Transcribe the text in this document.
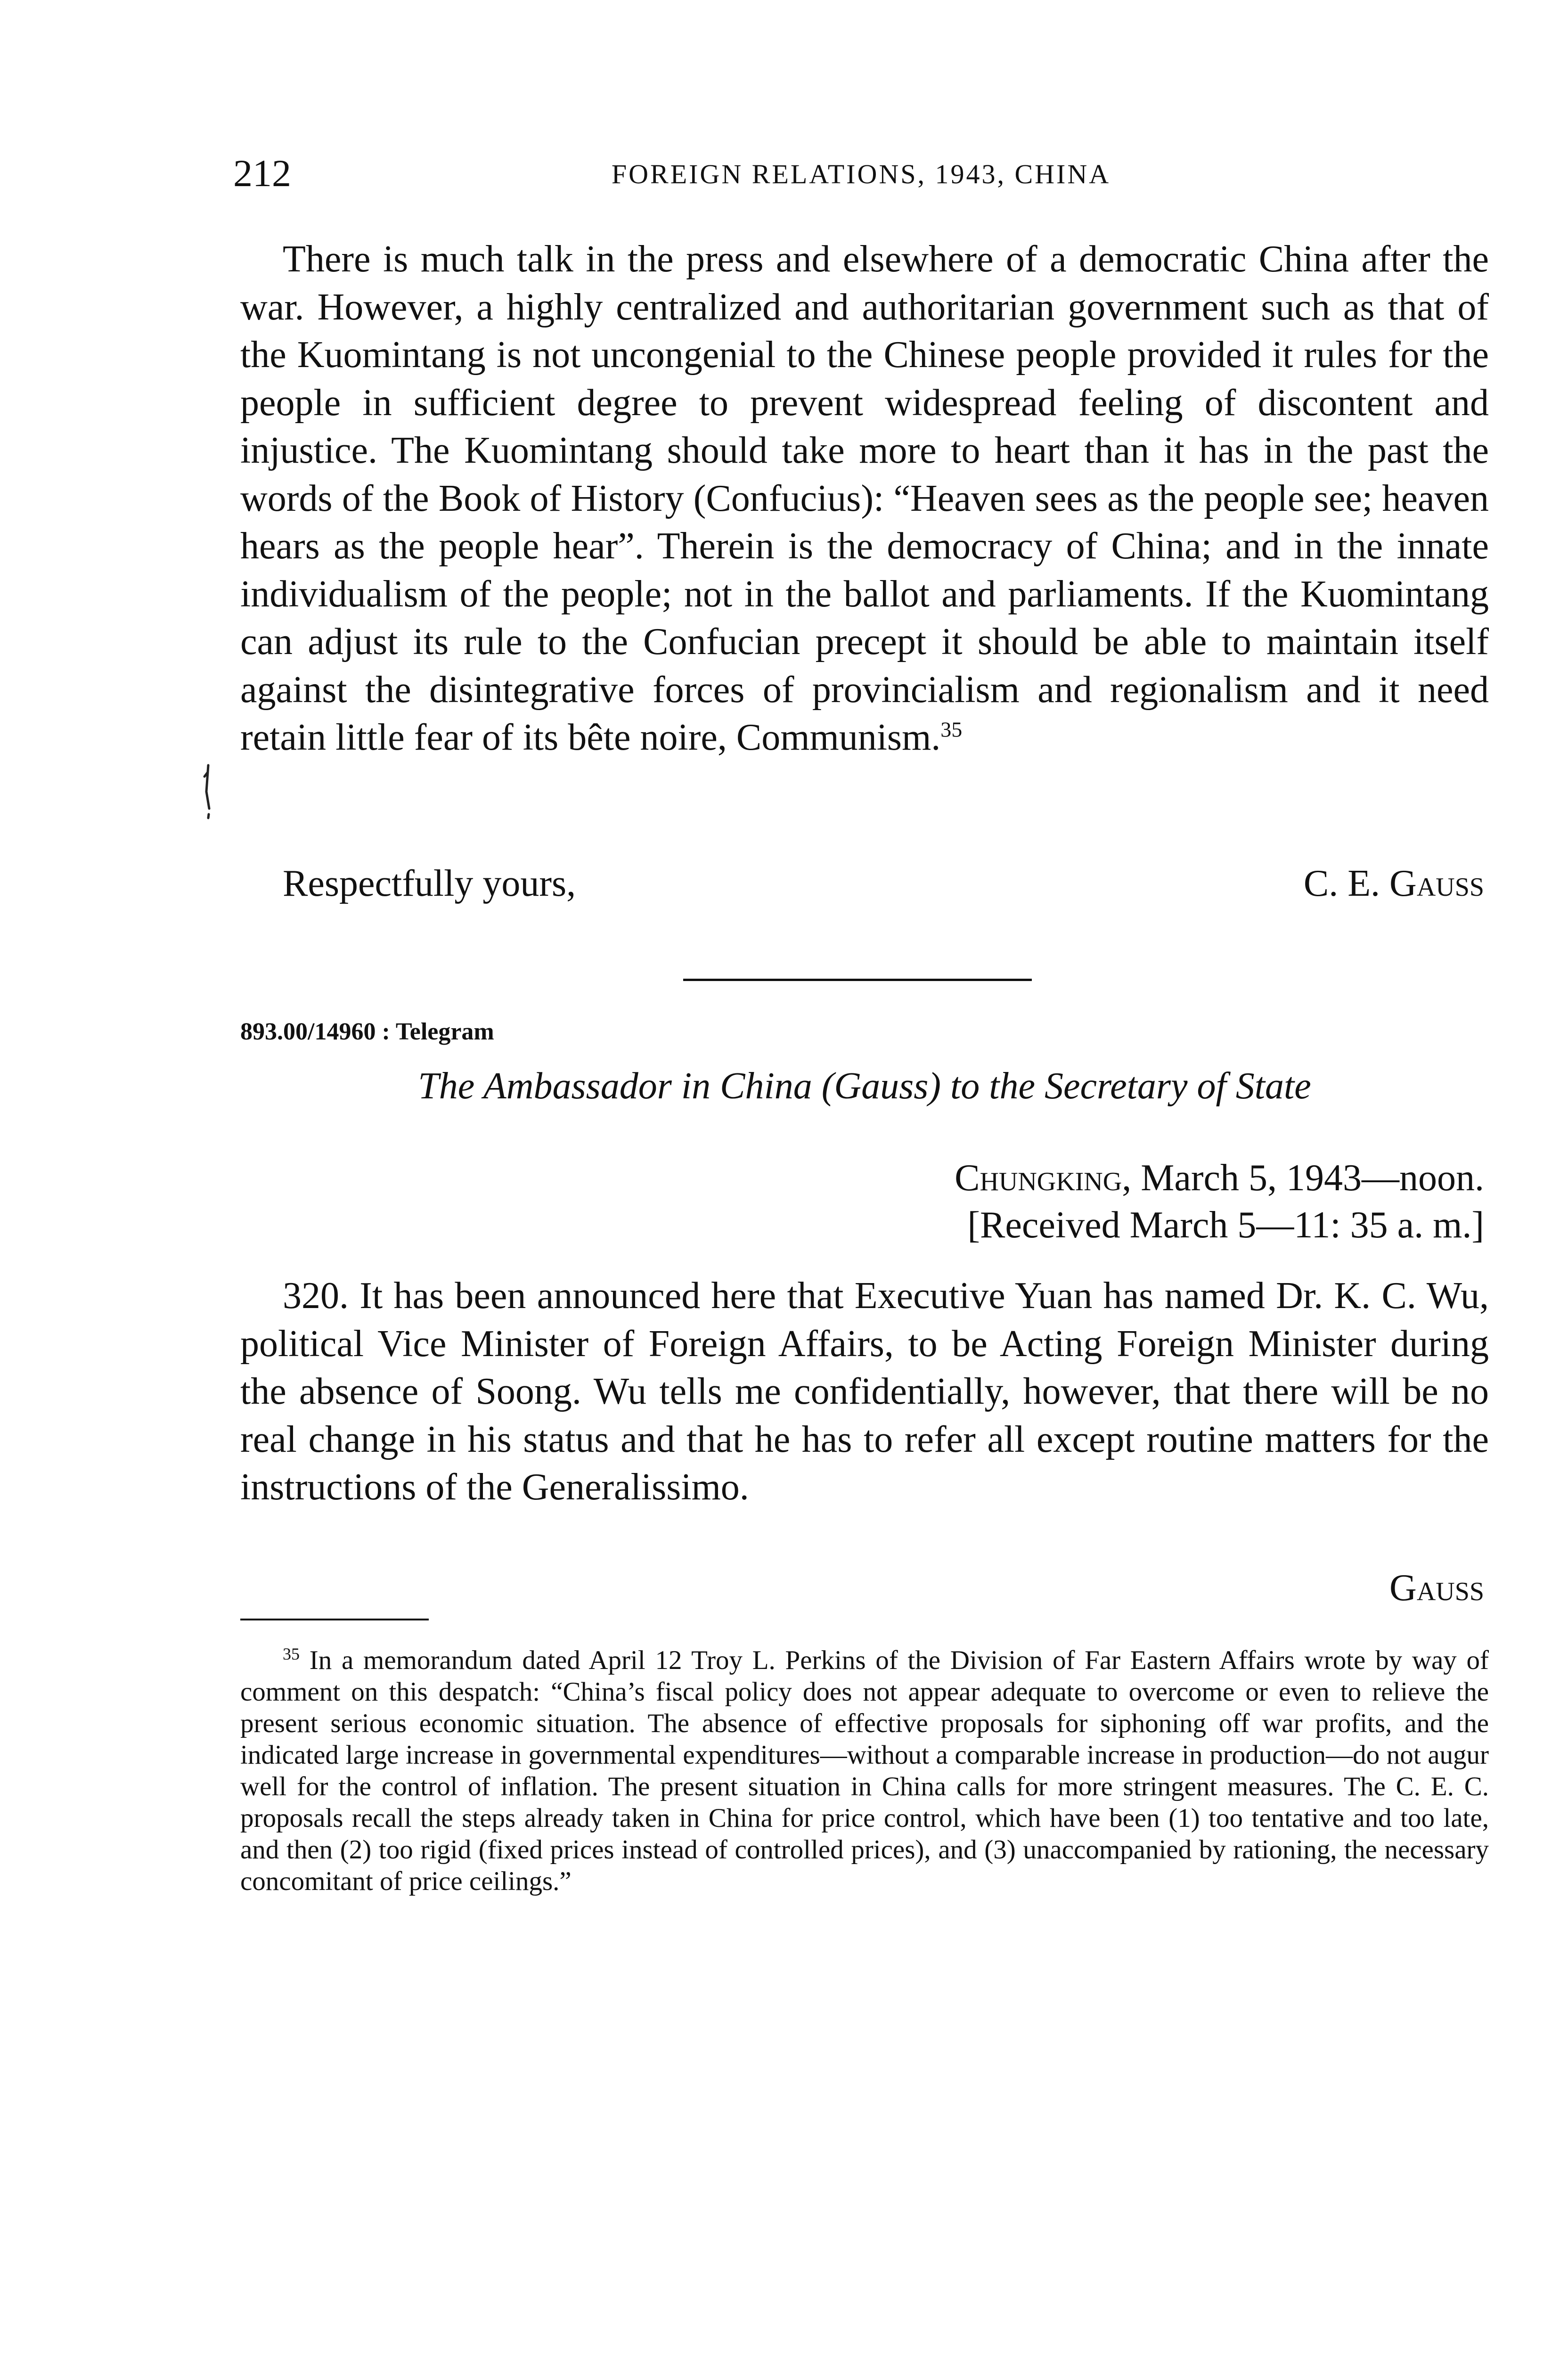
212	FOREIGN RELATIONS, 1943, CHINA

There is much talk in the press and elsewhere of a democratic China after the war. However, a highly centralized and authoritarian government such as that of the Kuomintang is not uncongenial to the Chinese people provided it rules for the people in sufficient degree to prevent widespread feeling of discontent and injustice. The Kuomintang should take more to heart than it has in the past the words of the Book of History (Confucius): “Heaven sees as the people see; heaven hears as the people hear”. Therein is the democracy of China; and in the innate individualism of the people; not in the ballot and parliaments. If the Kuomintang can adjust its rule to the Confucian precept it should be able to maintain itself against the disintegrative forces of provincialism and regionalism and it need retain little fear of its bête noire, Communism.$^{35}$

Respectfully yours,	C. E. Gauss
893.00/14960 : Telegram
The Ambassador in China (Gauss) to the Secretary of State
Chungking, March 5, 1943—noon.
[Received March 5—11: 35 a. m.]

320. It has been announced here that Executive Yuan has named Dr. K. C. Wu, political Vice Minister of Foreign Affairs, to be Acting Foreign Minister during the absence of Soong. Wu tells me confidentially, however, that there will be no real change in his status and that he has to refer all except routine matters for the instructions of the Generalissimo.

Gauss

$^{35}$ In a memorandum dated April 12 Troy L. Perkins of the Division of Far Eastern Affairs wrote by way of comment on this despatch: “China’s fiscal policy does not appear adequate to overcome or even to relieve the present serious economic situation. The absence of effective proposals for siphoning off war profits, and the indicated large increase in governmental expenditures—without a comparable increase in production—do not augur well for the control of inflation. The present situation in China calls for more stringent measures. The C. E. C. proposals recall the steps already taken in China for price control, which have been (1) too tentative and too late, and then (2) too rigid (fixed prices instead of controlled prices), and (3) unaccompanied by rationing, the necessary concomitant of price ceilings.”
